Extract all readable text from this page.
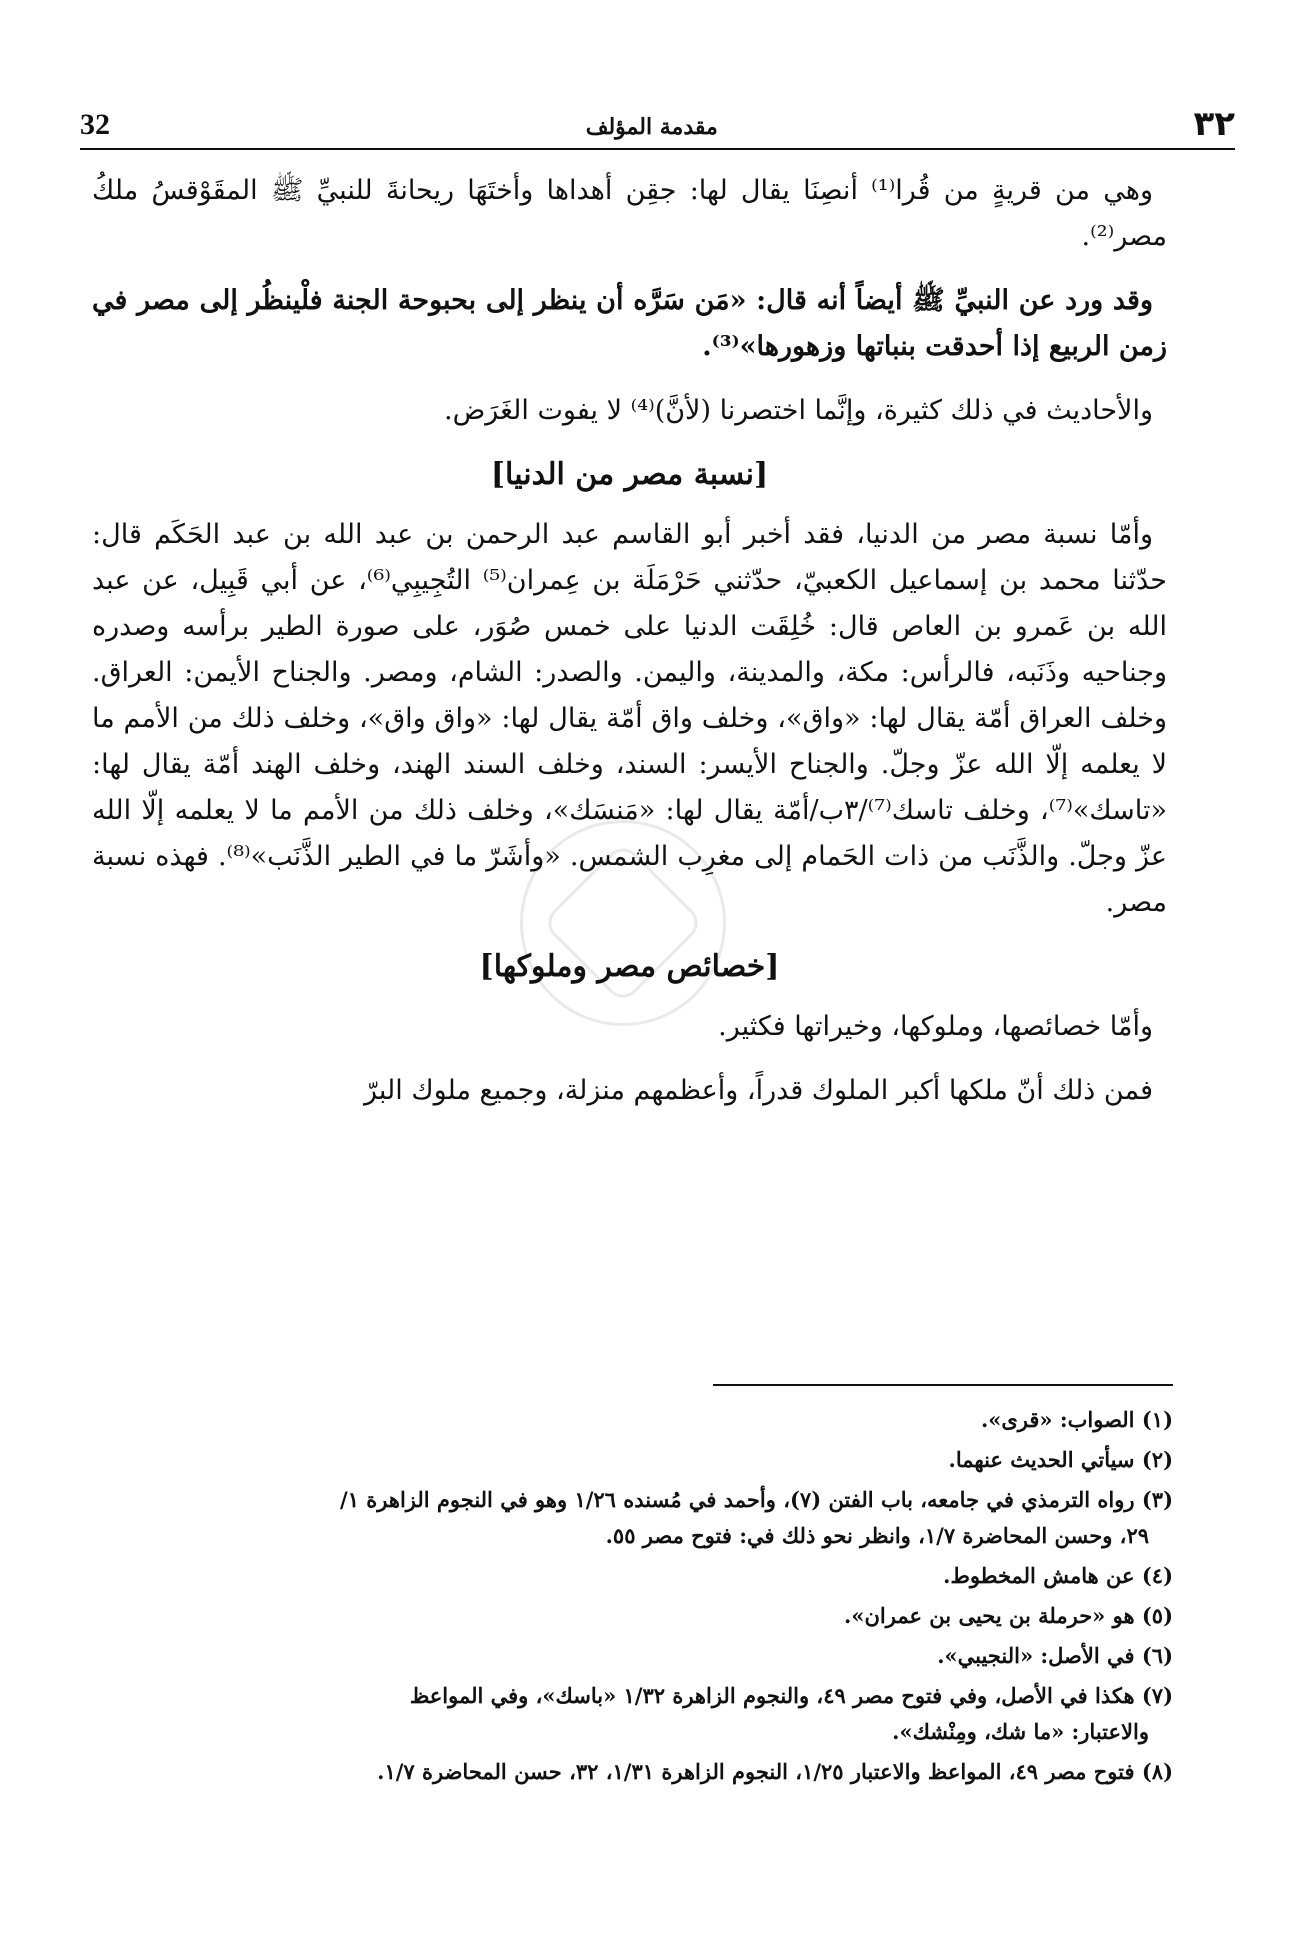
32	مقدمة المؤلف	٣٢

وهي من قريةٍ من قُرا⁽¹⁾ أنصِنَا يقال لها: جقِن أهداها وأختَهَا ريحانةَ للنبيِّ ﷺ المقَوْقسُ ملكُ مصر⁽²⁾.

وقد ورد عن النبيِّ ﷺ أيضاً أنه قال: «مَن سَرَّه أن ينظر إلى بحبوحة الجنة فلْينظُر إلى مصر في زمن الربيع إذا أحدقت بنباتها وزهورها»⁽³⁾.

والأحاديث في ذلك كثيرة، وإنَّما اختصرنا (لأنَّ)⁽⁴⁾ لا يفوت الغَرَض.

[نسبة مصر من الدنيا]

وأمّا نسبة مصر من الدنيا، فقد أخبر أبو القاسم عبد الرحمن بن عبد الله بن عبد الحَكَم قال: حدّثنا محمد بن إسماعيل الكعبيّ، حدّثني حَرْمَلَة بن عِمران⁽⁵⁾ التُجِيبِي⁽⁶⁾، عن أبي قَبِيل، عن عبد الله بن عَمرو بن العاص قال: خُلِقَت الدنيا على خمس صُوَر، على صورة الطير برأسه وصدره وجناحيه وذَنَبه، فالرأس: مكة، والمدينة، واليمن. والصدر: الشام، ومصر. والجناح الأيمن: العراق. وخلف العراق أمّة يقال لها: «واق»، وخلف واق أمّة يقال لها: «واق واق»، وخلف ذلك من الأمم ما لا يعلمه إلّا الله عزّ وجلّ. والجناح الأيسر: السند، وخلف السند الهند، وخلف الهند أمّة يقال لها: «تاسك»⁽⁷⁾، وخلف تاسك⁽⁷⁾/٣ب/أمّة يقال لها: «مَنسَك»، وخلف ذلك من الأمم ما لا يعلمه إلّا الله عزّ وجلّ. والذَّنَب من ذات الحَمام إلى مغرِب الشمس. «وأشَرّ ما في الطير الذَّنَب»⁽⁸⁾. فهذه نسبة مصر.

[خصائص مصر وملوكها]

وأمّا خصائصها، وملوكها، وخيراتها فكثير.

فمن ذلك أنّ ملكها أكبر الملوك قدراً، وأعظمهم منزلة، وجميع ملوك البرّ

(١) الصواب: «قرى».
(٢) سيأتي الحديث عنهما.
(٣) رواه الترمذي في جامعه، باب الفتن (٧)، وأحمد في مُسنده ١/٢٦ وهو في النجوم الزاهرة ١/
٢٩، وحسن المحاضرة ١/٧، وانظر نحو ذلك في: فتوح مصر ٥٥.
(٤) عن هامش المخطوط.
(٥) هو «حرملة بن يحيى بن عمران».
(٦) في الأصل: «النجيبي».
(٧) هكذا في الأصل، وفي فتوح مصر ٤٩، والنجوم الزاهرة ١/٣٢ «باسك»، وفي المواعظ
والاعتبار: «ما شك، ومِنْشك».
(٨) فتوح مصر ٤٩، المواعظ والاعتبار ١/٢٥، النجوم الزاهرة ١/٣١، ٣٢، حسن المحاضرة ١/٧.
